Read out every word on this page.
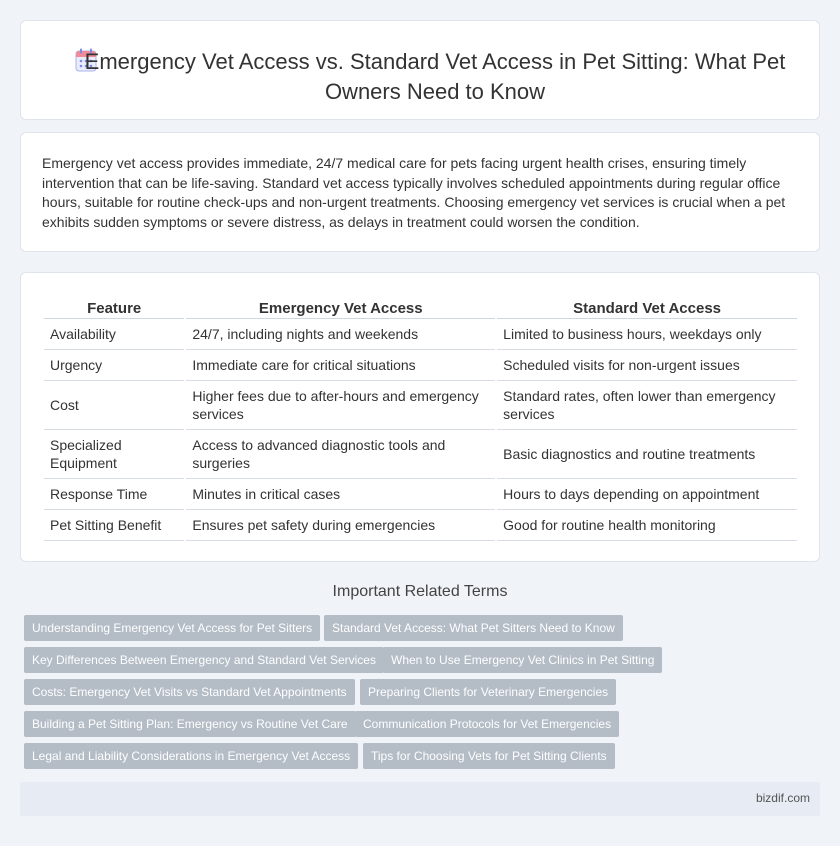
Emergency Vet Access vs. Standard Vet Access in Pet Sitting: What Pet Owners Need to Know

Emergency vet access provides immediate, 24/7 medical care for pets facing urgent health crises, ensuring timely intervention that can be life-saving. Standard vet access typically involves scheduled appointments during regular office hours, suitable for routine check-ups and non-urgent treatments. Choosing emergency vet services is crucial when a pet exhibits sudden symptoms or severe distress, as delays in treatment could worsen the condition.

Feature	Emergency Vet Access	Standard Vet Access
Availability	24/7, including nights and weekends	Limited to business hours, weekdays only
Urgency	Immediate care for critical situations	Scheduled visits for non-urgent issues
Cost	Higher fees due to after-hours and emergency services	Standard rates, often lower than emergency services
Specialized Equipment	Access to advanced diagnostic tools and surgeries	Basic diagnostics and routine treatments
Response Time	Minutes in critical cases	Hours to days depending on appointment
Pet Sitting Benefit	Ensures pet safety during emergencies	Good for routine health monitoring
Important Related Terms
Understanding Emergency Vet Access for Pet Sitters	Standard Vet Access: What Pet Sitters Need to Know
Key Differences Between Emergency and Standard Vet Services	When to Use Emergency Vet Clinics in Pet Sitting
Costs: Emergency Vet Visits vs Standard Vet Appointments	Preparing Clients for Veterinary Emergencies
Building a Pet Sitting Plan: Emergency vs Routine Vet Care	Communication Protocols for Vet Emergencies
Legal and Liability Considerations in Emergency Vet Access	Tips for Choosing Vets for Pet Sitting Clients
bizdif.com
